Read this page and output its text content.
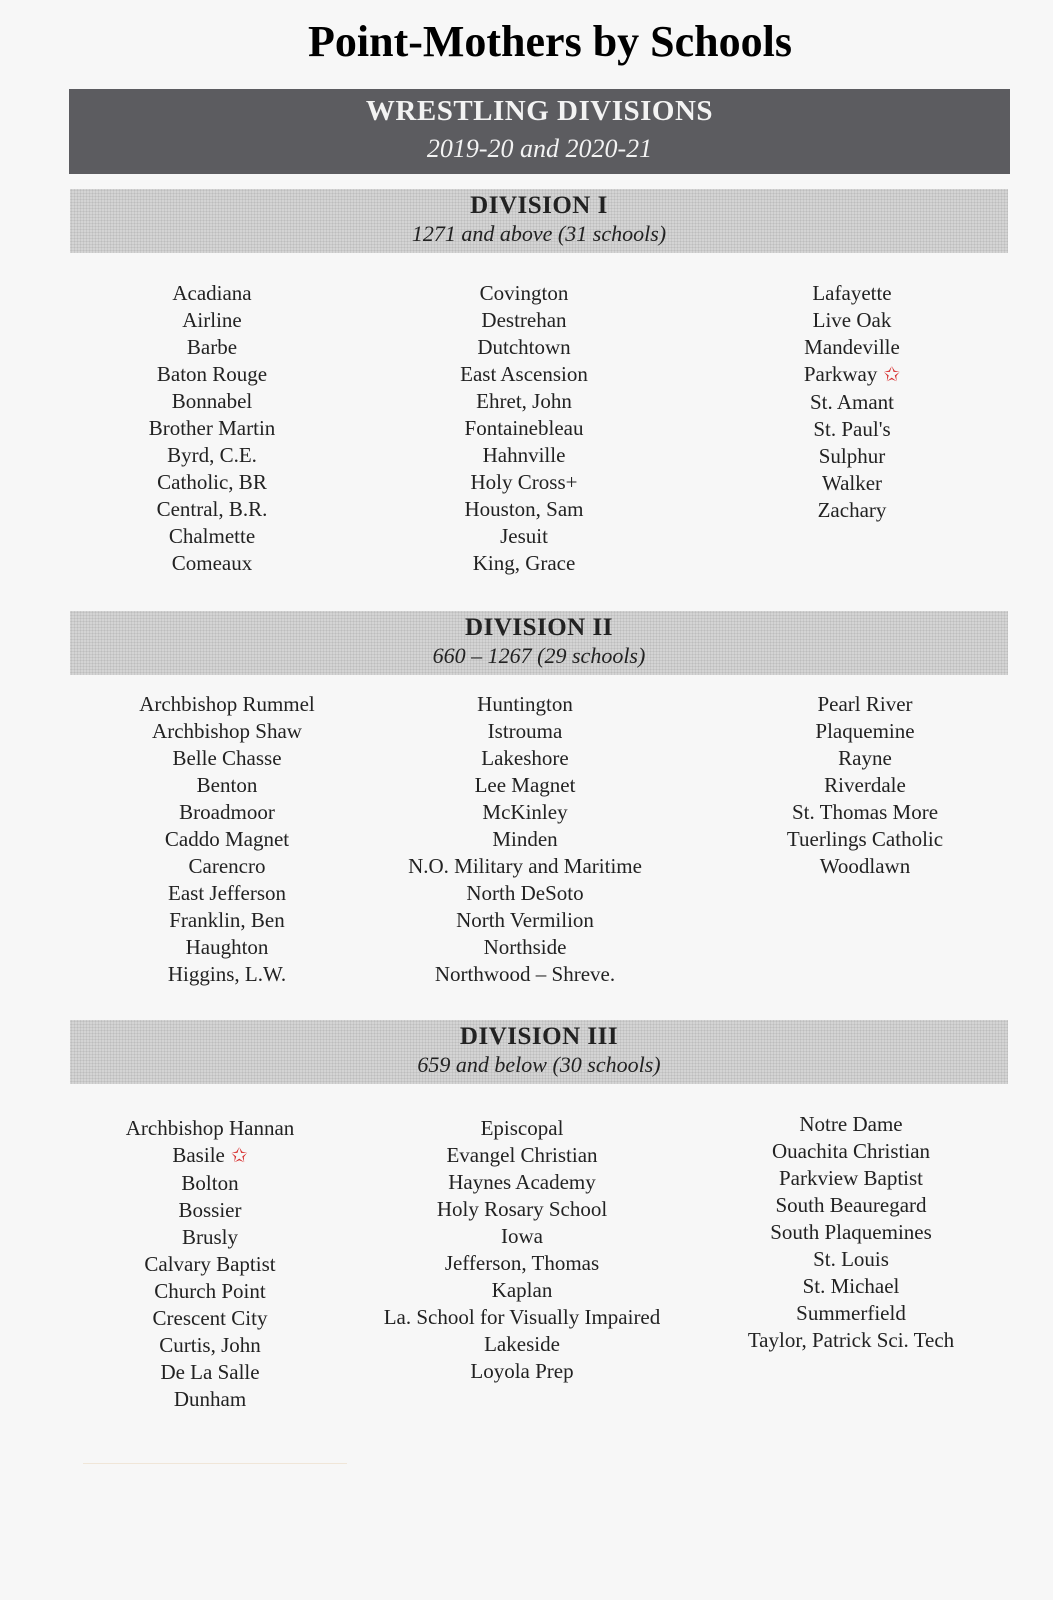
Point-Mothers by Schools
WRESTLING DIVISIONS
2019-20 and 2020-21
DIVISION I
1271 and above (31 schools)
Acadiana
Airline
Barbe
Baton Rouge
Bonnabel
Brother Martin
Byrd, C.E.
Catholic, BR
Central, B.R.
Chalmette
Comeaux
Covington
Destrehan
Dutchtown
East Ascension
Ehret, John
Fontainebleau
Hahnville
Holy Cross+
Houston, Sam
Jesuit
King, Grace
Lafayette
Live Oak
Mandeville
Parkway ✩
St. Amant
St. Paul's
Sulphur
Walker
Zachary
DIVISION II
660 – 1267 (29 schools)
Archbishop Rummel
Archbishop Shaw
Belle Chasse
Benton
Broadmoor
Caddo Magnet
Carencro
East Jefferson
Franklin, Ben
Haughton
Higgins, L.W.
Huntington
Istrouma
Lakeshore
Lee Magnet
McKinley
Minden
N.O. Military and Maritime
North DeSoto
North Vermilion
Northside
Northwood – Shreve.
Pearl River
Plaquemine
Rayne
Riverdale
St. Thomas More
Tuerlings Catholic
Woodlawn
DIVISION III
659 and below (30 schools)
Archbishop Hannan
Basile ✩
Bolton
Bossier
Brusly
Calvary Baptist
Church Point
Crescent City
Curtis, John
De La Salle
Dunham
Episcopal
Evangel Christian
Haynes Academy
Holy Rosary School
Iowa
Jefferson, Thomas
Kaplan
La. School for Visually Impaired
Lakeside
Loyola Prep
Notre Dame
Ouachita Christian
Parkview Baptist
South Beauregard
South Plaquemines
St. Louis
St. Michael
Summerfield
Taylor, Patrick Sci. Tech
